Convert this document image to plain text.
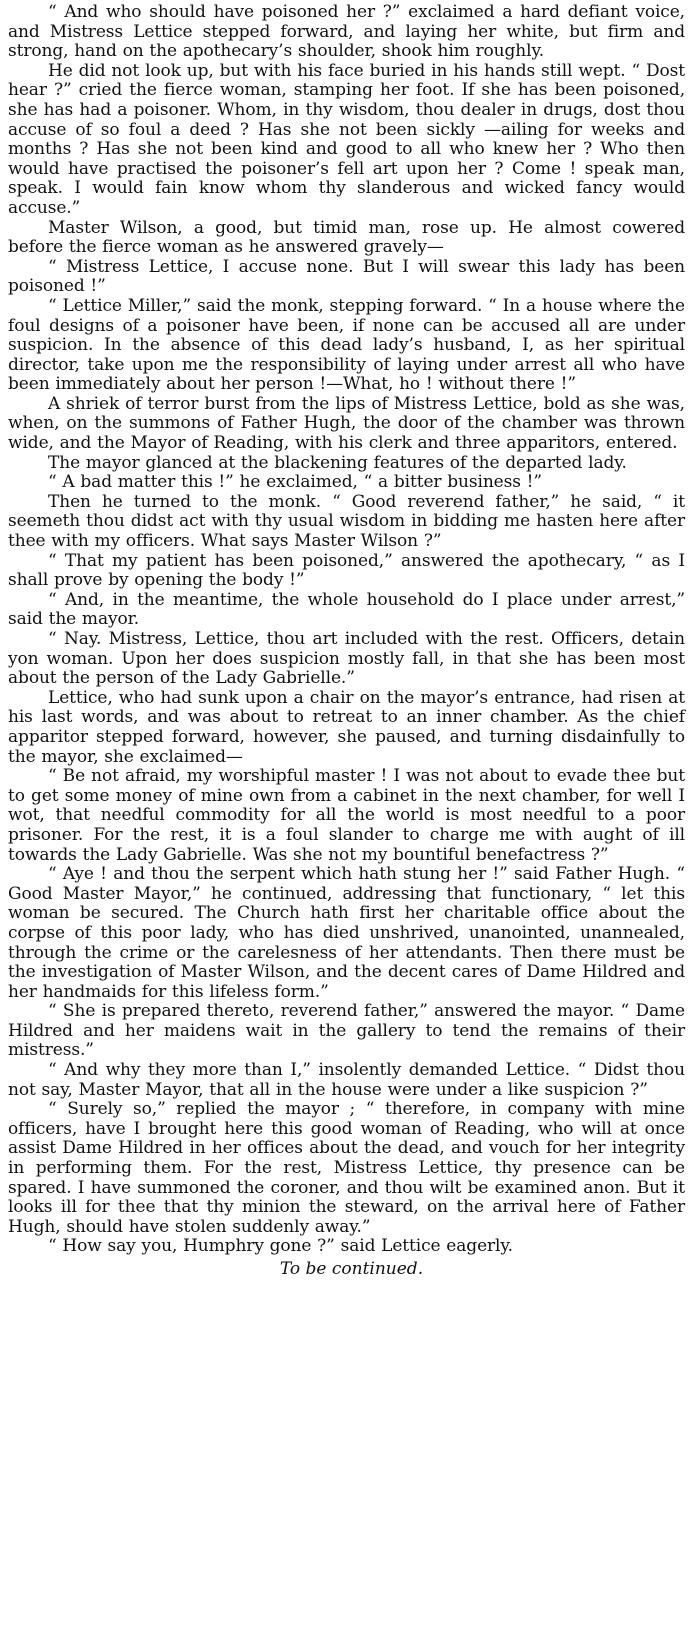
“ And who should have poisoned her ?” exclaimed a hard defiant voice, and Mistress Lettice stepped forward, and laying her white, but firm and strong, hand on the apothecary’s shoulder, shook him roughly.

He did not look up, but with his face buried in his hands still wept. “ Dost hear ?” cried the fierce woman, stamping her foot. If she has been poisoned, she has had a poisoner. Whom, in thy wisdom, thou dealer in drugs, dost thou accuse of so foul a deed ? Has she not been sickly —ailing for weeks and months ? Has she not been kind and good to all who knew her ? Who then would have practised the poisoner’s fell art upon her ? Come ! speak man, speak. I would fain know whom thy slanderous and wicked fancy would accuse.”

Master Wilson, a good, but timid man, rose up. He almost cowered before the fierce woman as he answered gravely—

“ Mistress Lettice, I accuse none. But I will swear this lady has been poisoned !”

“ Lettice Miller,” said the monk, stepping forward. “ In a house where the foul designs of a poisoner have been, if none can be accused all are under suspicion. In the absence of this dead lady’s husband, I, as her spiritual director, take upon me the responsibility of laying under arrest all who have been immediately about her person !—What, ho ! without there !”

A shriek of terror burst from the lips of Mistress Lettice, bold as she was, when, on the summons of Father Hugh, the door of the chamber was thrown wide, and the Mayor of Reading, with his clerk and three apparitors, entered.

The mayor glanced at the blackening features of the departed lady.

“ A bad matter this !” he exclaimed, “ a bitter business !”

Then he turned to the monk. “ Good reverend father,” he said, “ it seemeth thou didst act with thy usual wisdom in bidding me hasten here after thee with my officers. What says Master Wilson ?”

“ That my patient has been poisoned,” answered the apothecary, “ as I shall prove by opening the body !”

“ And, in the meantime, the whole household do I place under arrest,” said the mayor.

“ Nay. Mistress, Lettice, thou art included with the rest. Officers, detain yon woman. Upon her does suspicion mostly fall, in that she has been most about the person of the Lady Gabrielle.”

Lettice, who had sunk upon a chair on the mayor’s entrance, had risen at his last words, and was about to retreat to an inner chamber. As the chief apparitor stepped forward, however, she paused, and turning disdainfully to the mayor, she exclaimed—

“ Be not afraid, my worshipful master ! I was not about to evade thee but to get some money of mine own from a cabinet in the next chamber, for well I wot, that needful commodity for all the world is most needful to a poor prisoner. For the rest, it is a foul slander to charge me with aught of ill towards the Lady Gabrielle. Was she not my bountiful benefactress ?”

“ Aye ! and thou the serpent which hath stung her !” said Father Hugh. “ Good Master Mayor,” he continued, addressing that functionary, “ let this woman be secured. The Church hath first her charitable office about the corpse of this poor lady, who has died unshrived, unanointed, unannealed, through the crime or the carelesness of her attendants. Then there must be the investigation of Master Wilson, and the decent cares of Dame Hildred and her handmaids for this lifeless form.”

“ She is prepared thereto, reverend father,” answered the mayor. “ Dame Hildred and her maidens wait in the gallery to tend the remains of their mistress.”

“ And why they more than I,” insolently demanded Lettice. “ Didst thou not say, Master Mayor, that all in the house were under a like suspicion ?”

“ Surely so,” replied the mayor ; “ therefore, in company with mine officers, have I brought here this good woman of Reading, who will at once assist Dame Hildred in her offices about the dead, and vouch for her integrity in performing them. For the rest, Mistress Lettice, thy presence can be spared. I have summoned the coroner, and thou wilt be examined anon. But it looks ill for thee that thy minion the steward, on the arrival here of Father Hugh, should have stolen suddenly away.”

“ How say you, Humphry gone ?” said Lettice eagerly.

To be continued.
